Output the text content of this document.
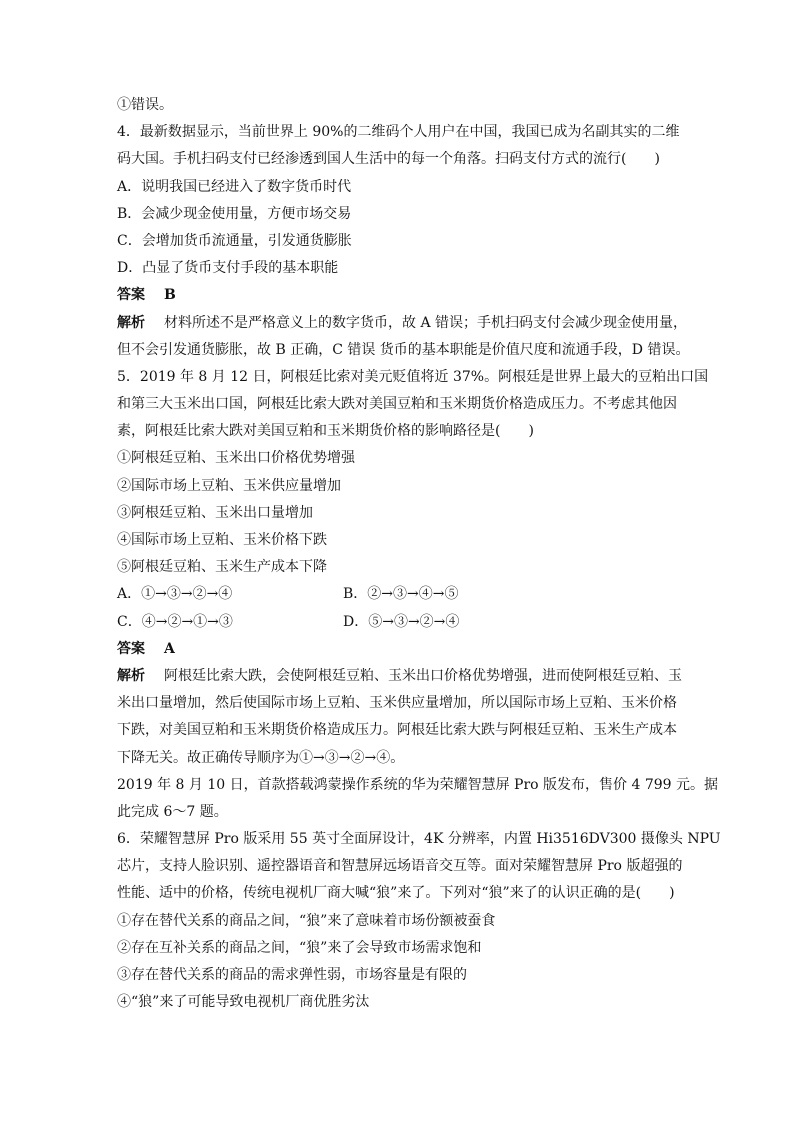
①错误。
4．最新数据显示，当前世界上 90%的二维码个人用户在中国，我国已成为名副其实的二维
码大国。手机扫码支付已经渗透到国人生活中的每一个角落。扫码支付方式的流行(　　)
A．说明我国已经进入了数字货币时代
B．会减少现金使用量，方便市场交易
C．会增加货币流通量，引发通货膨胀
D．凸显了货币支付手段的基本职能
答案 B
解析 材料所述不是严格意义上的数字货币，故 A 错误；手机扫码支付会减少现金使用量，
但不会引发通货膨胀，故 B 正确，C 错误 货币的基本职能是价值尺度和流通手段，D 错误。
5．2019 年 8 月 12 日，阿根廷比索对美元贬值将近 37%。阿根廷是世界上最大的豆粕出口国
和第三大玉米出口国，阿根廷比索大跌对美国豆粕和玉米期货价格造成压力。不考虑其他因
素，阿根廷比索大跌对美国豆粕和玉米期货价格的影响路径是(　　)
①阿根廷豆粕、玉米出口价格优势增强
②国际市场上豆粕、玉米供应量增加
③阿根廷豆粕、玉米出口量增加
④国际市场上豆粕、玉米价格下跌
⑤阿根廷豆粕、玉米生产成本下降
A．①→③→②→④	B．②→③→④→⑤
C．④→②→①→③	D．⑤→③→②→④
答案 A
解析 阿根廷比索大跌，会使阿根廷豆粕、玉米出口价格优势增强，进而使阿根廷豆粕、玉
米出口量增加，然后使国际市场上豆粕、玉米供应量增加，所以国际市场上豆粕、玉米价格
下跌，对美国豆粕和玉米期货价格造成压力。阿根廷比索大跌与阿根廷豆粕、玉米生产成本
下降无关。故正确传导顺序为①→③→②→④。
2019 年 8 月 10 日，首款搭载鸿蒙操作系统的华为荣耀智慧屏 Pro 版发布，售价 4 799 元。据
此完成 6～7 题。
6．荣耀智慧屏 Pro 版采用 55 英寸全面屏设计，4K 分辨率，内置 Hi3516DV300 摄像头 NPU
芯片，支持人脸识别、遥控器语音和智慧屏远场语音交互等。面对荣耀智慧屏 Pro 版超强的
性能、适中的价格，传统电视机厂商大喊“狼”来了。下列对“狼”来了的认识正确的是(　　)
①存在替代关系的商品之间，“狼”来了意味着市场份额被蚕食
②存在互补关系的商品之间，“狼”来了会导致市场需求饱和
③存在替代关系的商品的需求弹性弱，市场容量是有限的
④“狼”来了可能导致电视机厂商优胜劣汰
